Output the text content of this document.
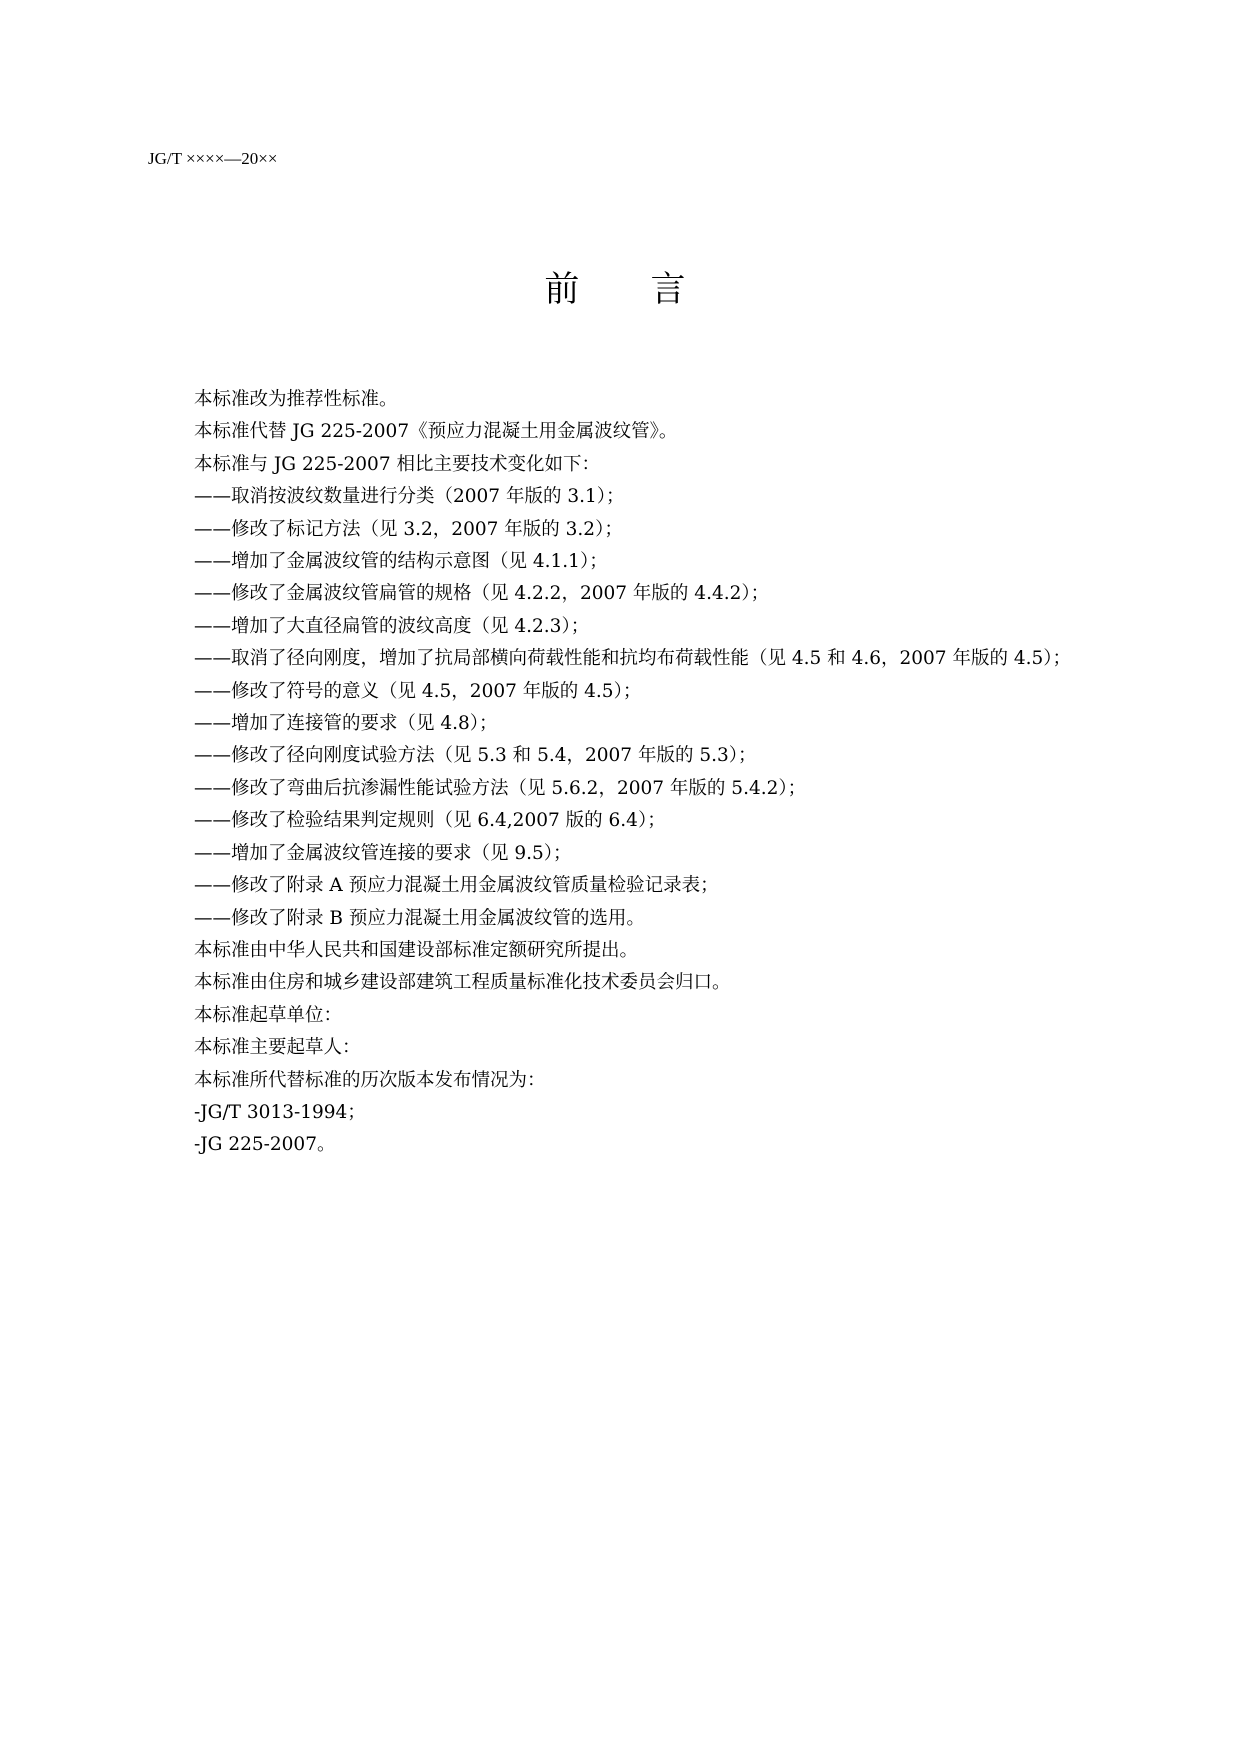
JG/T ××××—20××
前 言

本标准改为推荐性标准。

本标准代替 JG 225-2007《预应力混凝土用金属波纹管》。

本标准与 JG 225-2007 相比主要技术变化如下：

——取消按波纹数量进行分类（2007 年版的 3.1）；

——修改了标记方法（见 3.2，2007 年版的 3.2）；

——增加了金属波纹管的结构示意图（见 4.1.1）；

——修改了金属波纹管扁管的规格（见 4.2.2，2007 年版的 4.4.2）；

——增加了大直径扁管的波纹高度（见 4.2.3）；

——取消了径向刚度，增加了抗局部横向荷载性能和抗均布荷载性能（见 4.5 和 4.6，2007 年版的 4.5）；

——修改了符号的意义（见 4.5，2007 年版的 4.5）；

——增加了连接管的要求（见 4.8）；

——修改了径向刚度试验方法（见 5.3 和 5.4，2007 年版的 5.3）；

——修改了弯曲后抗渗漏性能试验方法（见 5.6.2，2007 年版的 5.4.2）；

——修改了检验结果判定规则（见 6.4,2007 版的 6.4）；

——增加了金属波纹管连接的要求（见 9.5）；

——修改了附录 A 预应力混凝土用金属波纹管质量检验记录表；

——修改了附录 B 预应力混凝土用金属波纹管的选用。

本标准由中华人民共和国建设部标准定额研究所提出。

本标准由住房和城乡建设部建筑工程质量标准化技术委员会归口。

本标准起草单位：

本标准主要起草人：

本标准所代替标准的历次版本发布情况为：

-JG/T 3013-1994；

-JG 225-2007。
